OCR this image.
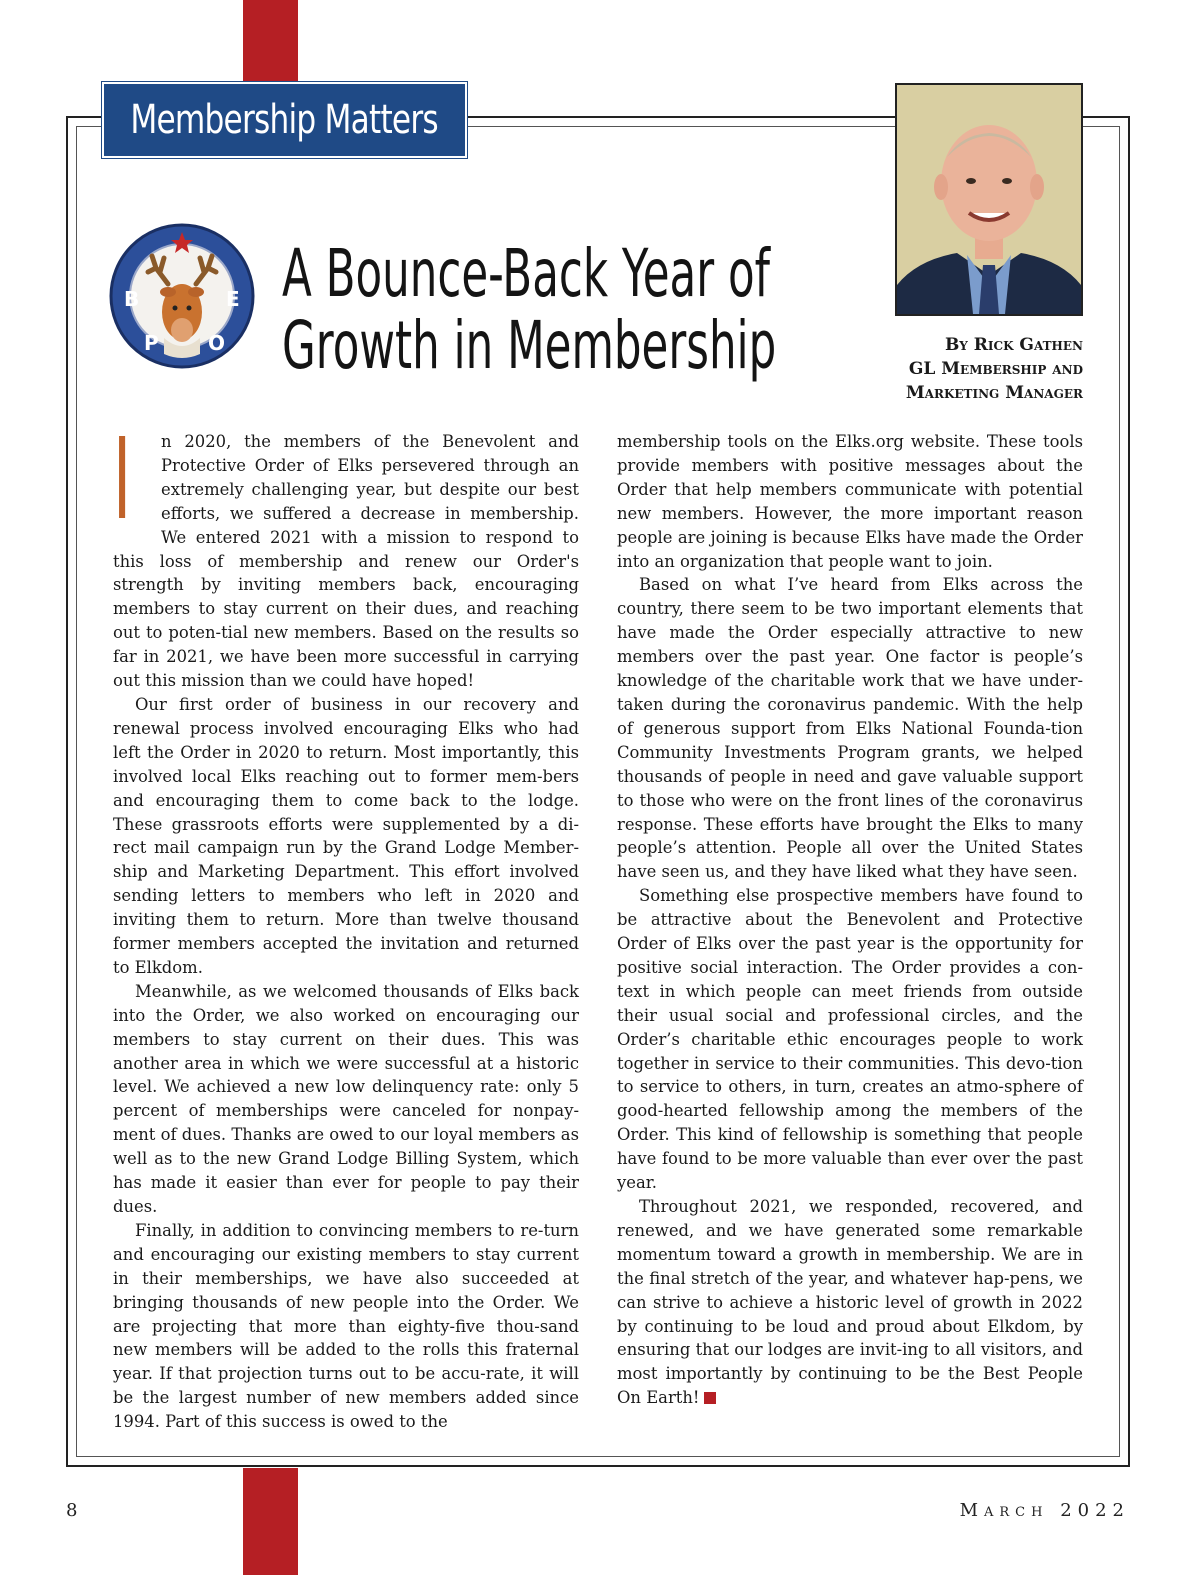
Membership Matters
B
P O
E A Bounce-Back Year of
Growth in Membership	By Rick Gathen
GL Membership and
Marketing Manager

I n 2020, the members of the Benevolent and Protective Order of Elks persevered through an extremely challenging year, but despite our best efforts, we suffered a decrease in membership. We entered 2021 with a mission to respond to this loss of membership and renew our Order's strength by inviting members back, encouraging members to stay current on their dues, and reaching out to poten-tial new members. Based on the results so far in 2021, we have been more successful in carrying out this mission than we could have hoped!

Our first order of business in our recovery and renewal process involved encouraging Elks who had left the Order in 2020 to return. Most importantly, this involved local Elks reaching out to former mem-bers and encouraging them to come back to the lodge. These grassroots efforts were supplemented by a di-rect mail campaign run by the Grand Lodge Member-ship and Marketing Department. This effort involved sending letters to members who left in 2020 and inviting them to return. More than twelve thousand former members accepted the invitation and returned to Elkdom.

Meanwhile, as we welcomed thousands of Elks back into the Order, we also worked on encouraging our members to stay current on their dues. This was another area in which we were successful at a historic level. We achieved a new low delinquency rate: only 5 percent of memberships were canceled for nonpay-ment of dues. Thanks are owed to our loyal members as well as to the new Grand Lodge Billing System, which has made it easier than ever for people to pay their dues.

Finally, in addition to convincing members to re-turn and encouraging our existing members to stay current in their memberships, we have also succeeded at bringing thousands of new people into the Order. We are projecting that more than eighty-five thou-sand new members will be added to the rolls this fraternal year. If that projection turns out to be accu-rate, it will be the largest number of new members added since 1994. Part of this success is owed to the

membership tools on the Elks.org website. These tools provide members with positive messages about the Order that help members communicate with potential new members. However, the more important reason people are joining is because Elks have made the Order into an organization that people want to join.

Based on what I’ve heard from Elks across the country, there seem to be two important elements that have made the Order especially attractive to new members over the past year. One factor is people’s knowledge of the charitable work that we have under-taken during the coronavirus pandemic. With the help of generous support from Elks National Founda-tion Community Investments Program grants, we helped thousands of people in need and gave valuable support to those who were on the front lines of the coronavirus response. These efforts have brought the Elks to many people’s attention. People all over the United States have seen us, and they have liked what they have seen.

Something else prospective members have found to be attractive about the Benevolent and Protective Order of Elks over the past year is the opportunity for positive social interaction. The Order provides a con-text in which people can meet friends from outside their usual social and professional circles, and the Order’s charitable ethic encourages people to work together in service to their communities. This devo-tion to service to others, in turn, creates an atmo-sphere of good-hearted fellowship among the members of the Order. This kind of fellowship is something that people have found to be more valuable than ever over the past year.

Throughout 2021, we responded, recovered, and renewed, and we have generated some remarkable momentum toward a growth in membership. We are in the final stretch of the year, and whatever hap-pens, we can strive to achieve a historic level of growth in 2022 by continuing to be loud and proud about Elkdom, by ensuring that our lodges are invit-ing to all visitors, and most importantly by continuing to be the Best People On Earth!

8	March 2022
